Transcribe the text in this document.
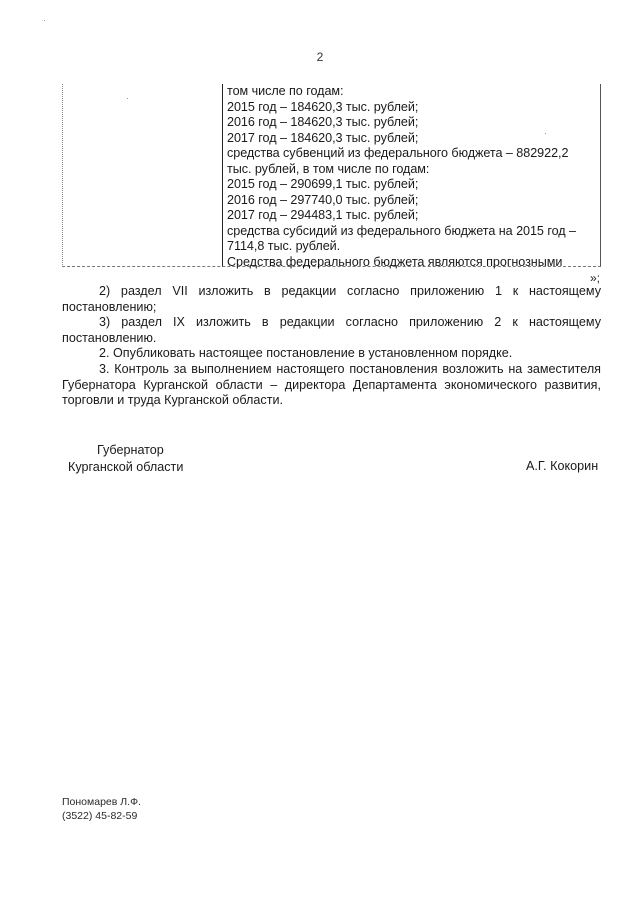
2
том числе по годам:
2015 год – 184620,3 тыс. рублей;
2016 год – 184620,3 тыс. рублей;
2017 год – 184620,3 тыс. рублей;
средства субвенций из федерального бюджета – 882922,2
тыс. рублей, в том числе по годам:
2015 год – 290699,1 тыс. рублей;
2016 год – 297740,0 тыс. рублей;
2017 год – 294483,1 тыс. рублей;
средства субсидий из федерального бюджета на 2015 год –
7114,8 тыс. рублей.
Средства федерального бюджета являются прогнозными
»;

2) раздел VII изложить в редакции согласно приложению 1 к настоящему постановлению;

3) раздел IX изложить в редакции согласно приложению 2 к настоящему постановлению.

2. Опубликовать настоящее постановление в установленном порядке.

3. Контроль за выполнением настоящего постановления возложить на заместителя Губернатора Курганской области – директора Департамента экономического развития, торговли и труда Курганской области.

Губернатор
Курганской области	А.Г. Кокорин
Пономарев Л.Ф.
(3522) 45-82-59
